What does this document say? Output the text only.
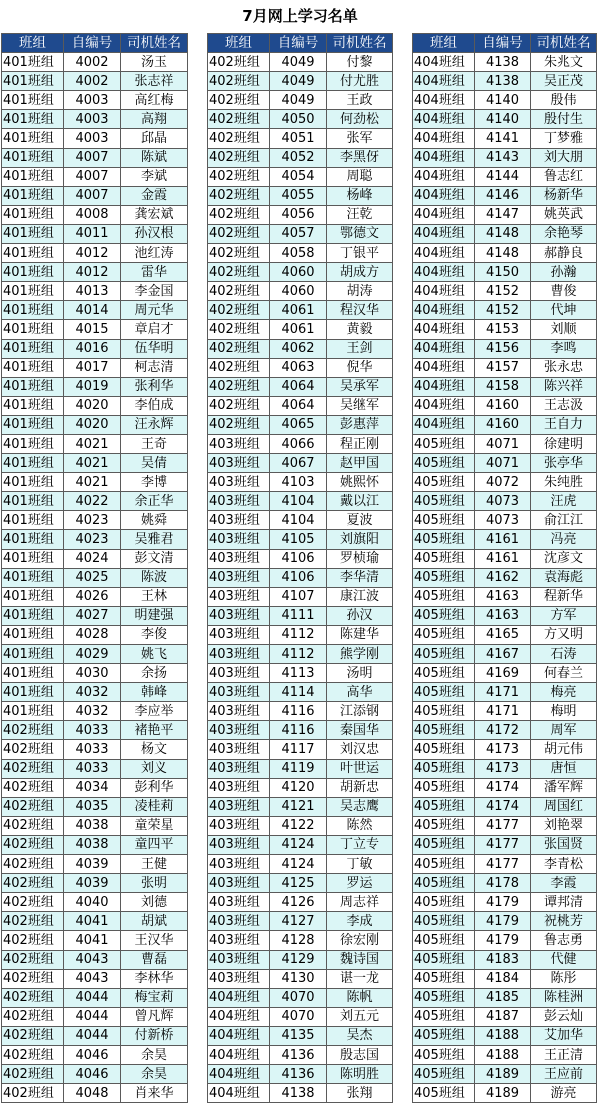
7月网上学习名单
班组	自编号	司机姓名
401班组	4002	汤玉
401班组	4002	张志祥
401班组	4003	高红梅
401班组	4003	高翔
401班组	4003	邱晶
401班组	4007	陈斌
401班组	4007	李斌
401班组	4007	金霞
401班组	4008	龚宏斌
401班组	4011	孙汉根
401班组	4012	池红涛
401班组	4012	雷华
401班组	4013	李金国
401班组	4014	周元华
401班组	4015	章启才
401班组	4016	伍华明
401班组	4017	柯志清
401班组	4019	张利华
401班组	4020	李伯成
401班组	4020	汪永辉
401班组	4021	王奇
401班组	4021	吴倩
401班组	4021	李博
401班组	4022	余正华
401班组	4023	姚舜
401班组	4023	吴雅君
401班组	4024	彭文清
401班组	4025	陈波
401班组	4026	王林
401班组	4027	明建强
401班组	4028	李俊
401班组	4029	姚飞
401班组	4030	余扬
401班组	4032	韩峰
401班组	4032	李应举
402班组	4033	褚艳平
402班组	4033	杨文
402班组	4033	刘义
402班组	4034	彭利华
402班组	4035	凌桂莉
402班组	4038	童荣星
402班组	4038	童四平
402班组	4039	王健
402班组	4039	张明
402班组	4040	刘德
402班组	4041	胡斌
402班组	4041	王汉华
402班组	4043	曹磊
402班组	4043	李林华
402班组	4044	梅宝莉
402班组	4044	曾凡辉
402班组	4044	付新桥
402班组	4046	余昊
402班组	4046	余昊
402班组	4048	肖来华
班组	自编号	司机姓名
402班组	4049	付黎
402班组	4049	付尤胜
402班组	4049	王政
402班组	4050	何劲松
402班组	4051	张军
402班组	4052	李黑伢
402班组	4054	周聪
402班组	4055	杨峰
402班组	4056	汪乾
402班组	4057	鄂德文
402班组	4058	丁银平
402班组	4060	胡成方
402班组	4060	胡涛
402班组	4061	程汉华
402班组	4061	黄毅
402班组	4062	王剑
402班组	4063	倪华
402班组	4064	吴承军
402班组	4064	吴继军
402班组	4065	彭惠萍
403班组	4066	程正刚
403班组	4067	赵甲国
403班组	4103	姚熙怀
403班组	4104	戴以江
403班组	4104	夏波
403班组	4105	刘旗阳
403班组	4106	罗桢瑜
403班组	4106	李华清
403班组	4107	康江波
403班组	4111	孙汉
403班组	4112	陈建华
403班组	4112	熊学刚
403班组	4113	汤明
403班组	4114	高华
403班组	4116	江添钢
403班组	4116	秦国华
403班组	4117	刘汉忠
403班组	4119	叶世运
403班组	4120	胡新忠
403班组	4121	吴志鹰
403班组	4122	陈然
403班组	4124	丁立专
403班组	4124	丁敏
403班组	4125	罗运
403班组	4126	周志祥
403班组	4127	李成
403班组	4128	徐宏刚
403班组	4129	魏诗国
403班组	4130	谌一龙
404班组	4070	陈帆
404班组	4070	刘五元
404班组	4135	吴杰
404班组	4136	殷志国
404班组	4136	陈明胜
404班组	4138	张翔
班组	自编号	司机姓名
404班组	4138	朱兆文
404班组	4138	吴正茂
404班组	4140	殷伟
404班组	4140	殷付生
404班组	4141	丁梦雅
404班组	4143	刘大朋
404班组	4144	鲁志红
404班组	4146	杨新华
404班组	4147	姚英武
404班组	4148	余艳琴
404班组	4148	郝静良
404班组	4150	孙瀚
404班组	4152	曹俊
404班组	4152	代坤
404班组	4153	刘顺
404班组	4156	李鸣
404班组	4157	张永忠
404班组	4158	陈兴祥
404班组	4160	王志汲
404班组	4160	王自力
405班组	4071	徐建明
405班组	4071	张亭华
405班组	4072	朱纯胜
405班组	4073	汪虎
405班组	4073	俞江江
405班组	4161	冯亮
405班组	4161	沈彦文
405班组	4162	袁海彪
405班组	4163	程新华
405班组	4163	方军
405班组	4165	方又明
405班组	4167	石涛
405班组	4169	何春兰
405班组	4171	梅亮
405班组	4171	梅明
405班组	4172	周军
405班组	4173	胡元伟
405班组	4173	唐恒
405班组	4174	潘军辉
405班组	4174	周国红
405班组	4177	刘艳翠
405班组	4177	张国贤
405班组	4177	李青松
405班组	4178	李霞
405班组	4179	谭邦清
405班组	4179	祝桃芳
405班组	4179	鲁志勇
405班组	4183	代健
405班组	4184	陈彤
405班组	4185	陈桂洲
405班组	4187	彭云灿
405班组	4188	艾加华
405班组	4188	王正清
405班组	4189	王应前
405班组	4189	游亮
